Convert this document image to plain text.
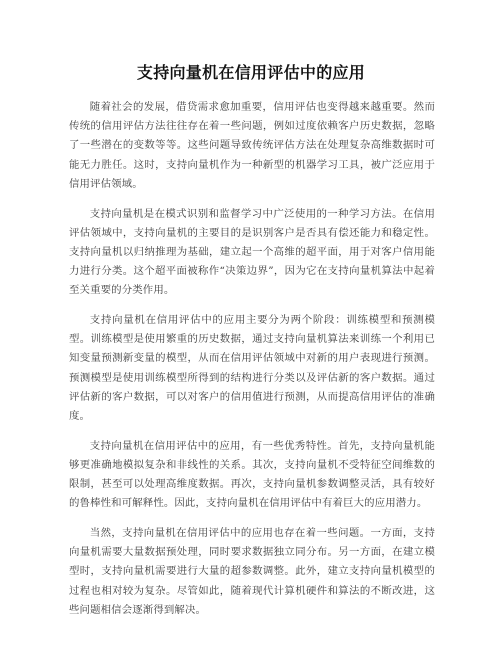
支持向量机在信用评估中的应用

随着社会的发展，借贷需求愈加重要，信用评估也变得越来越重要。然而传统的信用评估方法往往存在着一些问题，例如过度依赖客户历史数据，忽略了一些潜在的变数等等。这些问题导致传统评估方法在处理复杂高维数据时可能无力胜任。这时，支持向量机作为一种新型的机器学习工具，被广泛应用于信用评估领域。

支持向量机是在模式识别和监督学习中广泛使用的一种学习方法。在信用评估领域中，支持向量机的主要目的是识别客户是否具有偿还能力和稳定性。支持向量机以归纳推理为基础，建立起一个高维的超平面，用于对客户信用能力进行分类。这个超平面被称作“决策边界”，因为它在支持向量机算法中起着至关重要的分类作用。

支持向量机在信用评估中的应用主要分为两个阶段：训练模型和预测模型。训练模型是使用繁重的历史数据，通过支持向量机算法来训练一个利用已知变量预测新变量的模型，从而在信用评估领域中对新的用户表现进行预测。预测模型是使用训练模型所得到的结构进行分类以及评估新的客户数据。通过评估新的客户数据，可以对客户的信用值进行预测，从而提高信用评估的准确度。

支持向量机在信用评估中的应用，有一些优秀特性。首先，支持向量机能够更准确地模拟复杂和非线性的关系。其次，支持向量机不受特征空间维数的限制，甚至可以处理高维度数据。再次，支持向量机参数调整灵活，具有较好的鲁棒性和可解释性。因此，支持向量机在信用评估中有着巨大的应用潜力。

当然，支持向量机在信用评估中的应用也存在着一些问题。一方面，支持向量机需要大量数据预处理，同时要求数据独立同分布。另一方面，在建立模型时，支持向量机需要进行大量的超参数调整。此外，建立支持向量机模型的过程也相对较为复杂。尽管如此，随着现代计算机硬件和算法的不断改进，这些问题相信会逐渐得到解决。
